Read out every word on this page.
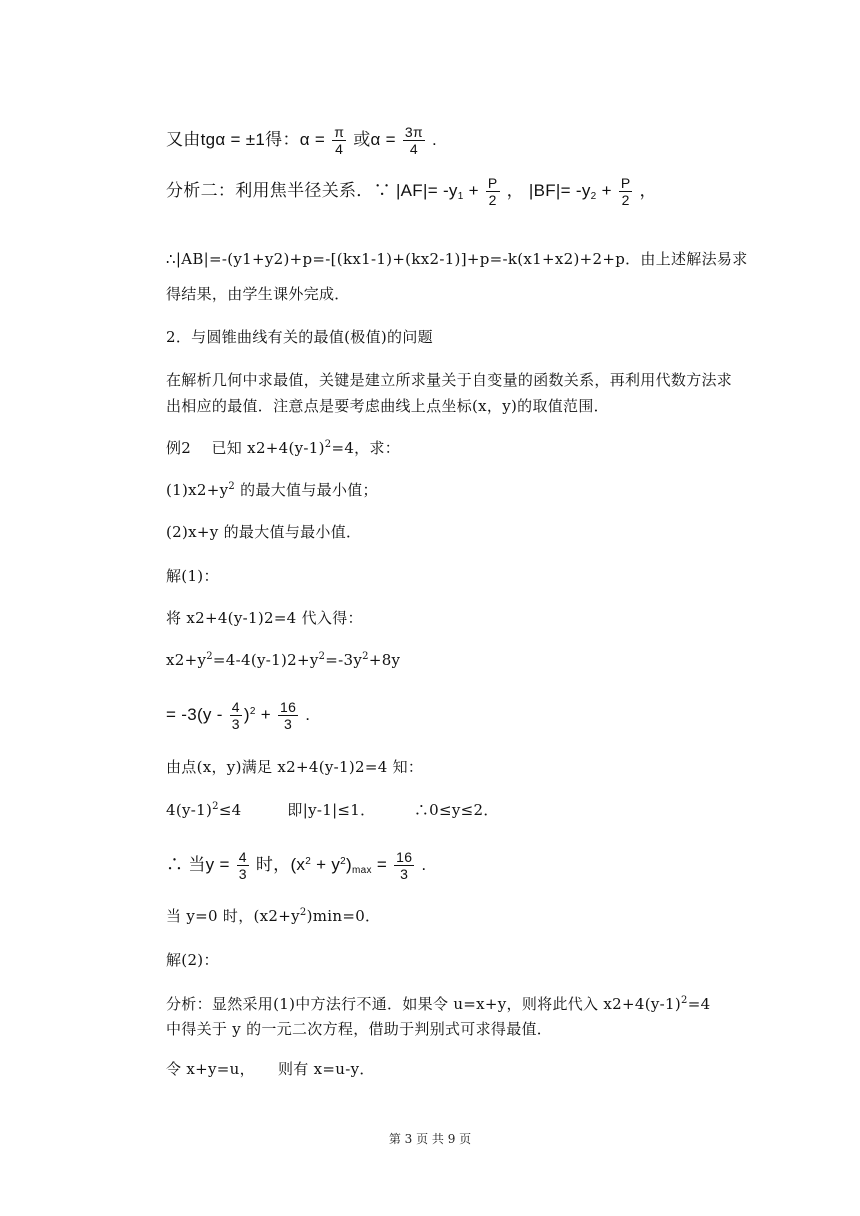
又由tgα = ±1得：$\alpha = \frac{\pi}{4}$ 或$\alpha = \frac{3\pi}{4}$ .
分析二：利用焦半径关系．∵ $|AF|= -y_1 + \frac{P}{2}$ ， $|BF|= -y_2 + \frac{P}{2}$ ，
∴|AB|=-(y1+y2)+p=-[(kx1-1)+(kx2-1)]+p=-k(x1+x2)+2+p．由上述解法易求
得结果，由学生课外完成．
2．与圆锥曲线有关的最值(极值)的问题
在解析几何中求最值，关键是建立所求量关于自变量的函数关系，再利用代数方法求
出相应的最值．注意点是要考虑曲线上点坐标(x，y)的取值范围．
例2　 已知 $x2+4(y-1)^2=4$，求：
$(1)x2+y^2$ 的最大值与最小值；
(2)x+y 的最大值与最小值．
解(1)：
将 x2+4(y-1)2=4 代入得：
$x2+y^2=4-4(y-1)2+y^2=-3y^2+8y$
= $-3(y - \frac{4}{3} )^2 + \frac{16}{3}$ .
由点(x，y)满足 x2+4(y-1)2=4 知：
$4(y-1)^2\le 4$　　　即|y-1|≤1．　　　∴0≤y≤2．
∴ 当$y = \frac{4}{3}$ 时，$(x^2 + y^2)_{max} = \frac{16}{3}$ .
当 y=0 时，$(x2+y^2)\min=0$．
解(2)：
分析：显然采用(1)中方法行不通．如果令 u=x+y，则将此代入 $x2+4(y-1)^2=4$
中得关于 y 的一元二次方程，借助于判别式可求得最值．
令 x+y=u，　　则有 x=u-y．
第 3 页 共 9 页
